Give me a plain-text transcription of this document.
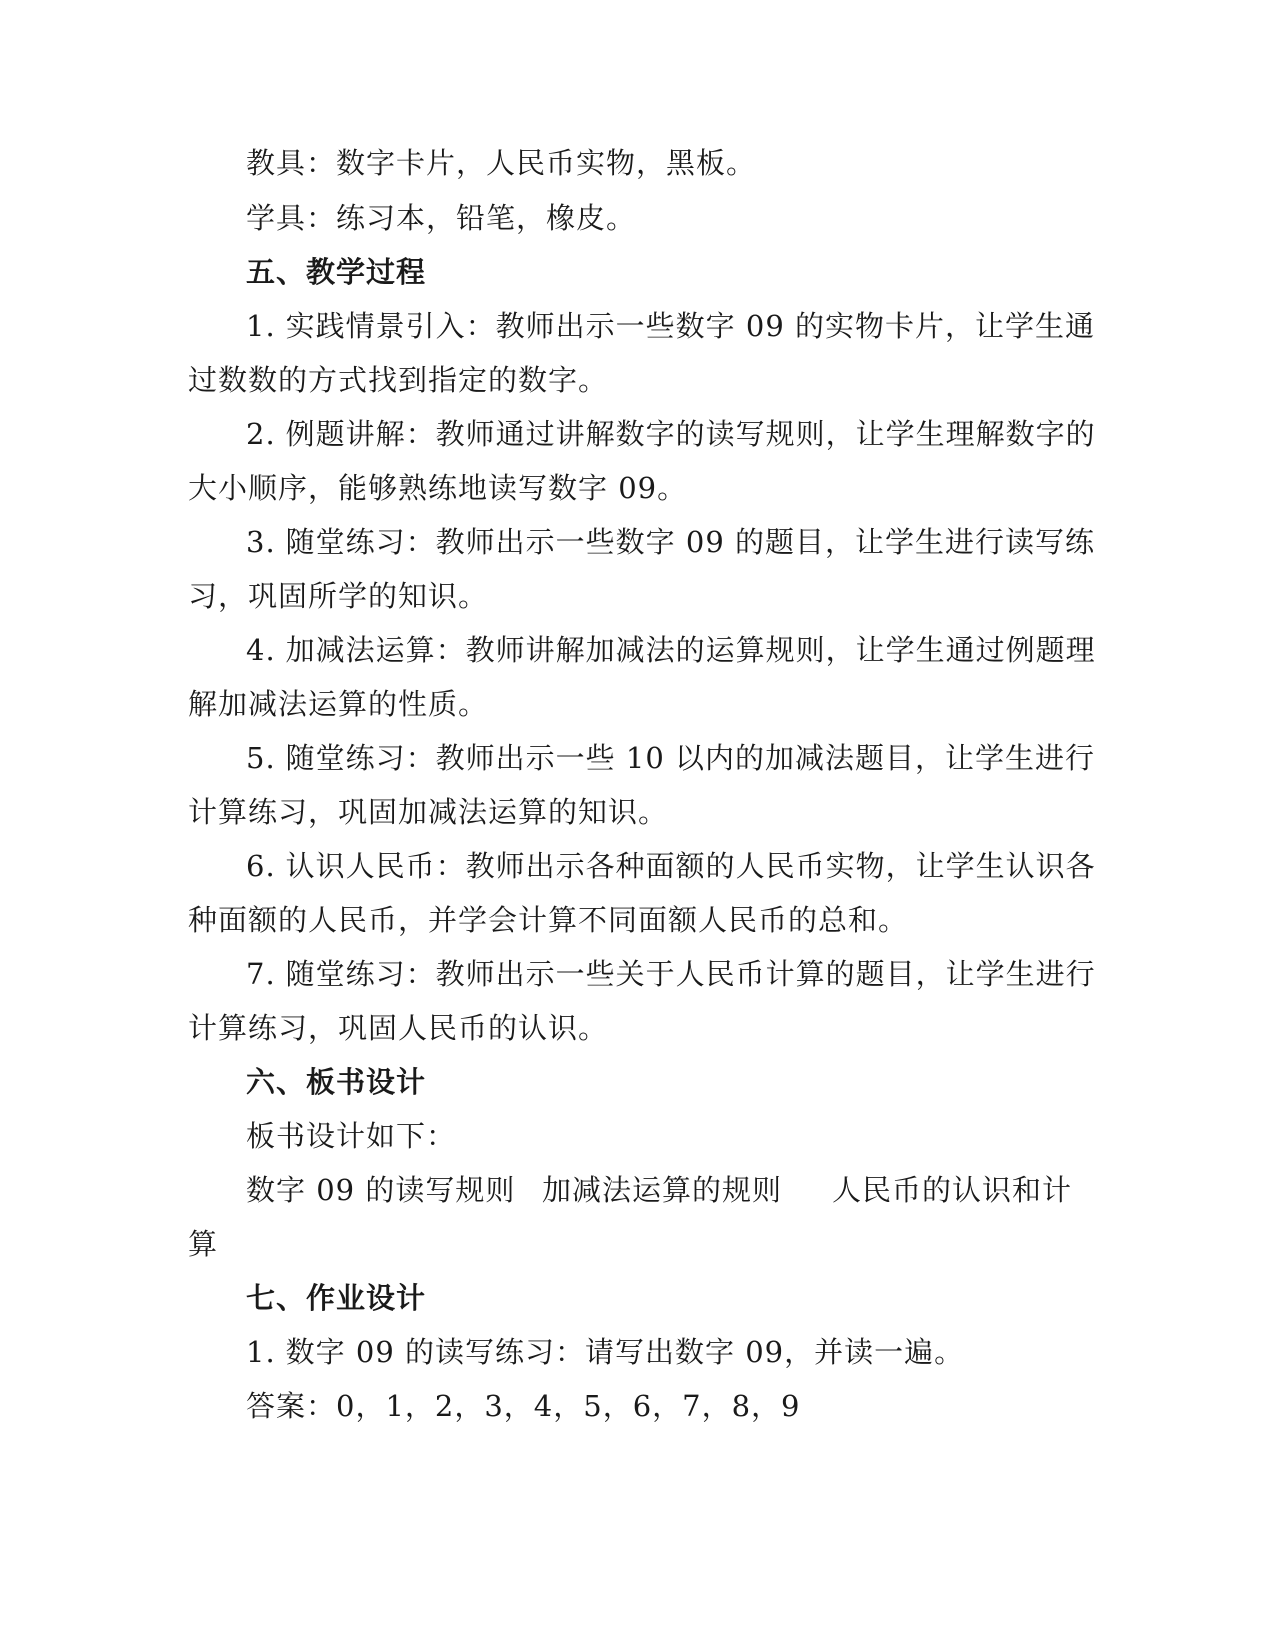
教具：数字卡片，人民币实物，黑板。
学具：练习本，铅笔，橡皮。
五、教学过程
1. 实践情景引入：教师出示一些数字 09 的实物卡片，让学生通
过数数的方式找到指定的数字。
2. 例题讲解：教师通过讲解数字的读写规则，让学生理解数字的
大小顺序，能够熟练地读写数字 09。
3. 随堂练习：教师出示一些数字 09 的题目，让学生进行读写练
习，巩固所学的知识。
4. 加减法运算：教师讲解加减法的运算规则，让学生通过例题理
解加减法运算的性质。
5. 随堂练习：教师出示一些 10 以内的加减法题目，让学生进行
计算练习，巩固加减法运算的知识。
6. 认识人民币：教师出示各种面额的人民币实物，让学生认识各
种面额的人民币，并学会计算不同面额人民币的总和。
7. 随堂练习：教师出示一些关于人民币计算的题目，让学生进行
计算练习，巩固人民币的认识。
六、板书设计
板书设计如下：
数字 09 的读写规则 加减法运算的规则 人民币的认识和计
算
七、作业设计
1. 数字 09 的读写练习：请写出数字 09，并读一遍。
答案：0，1，2，3，4，5，6，7，8，9
